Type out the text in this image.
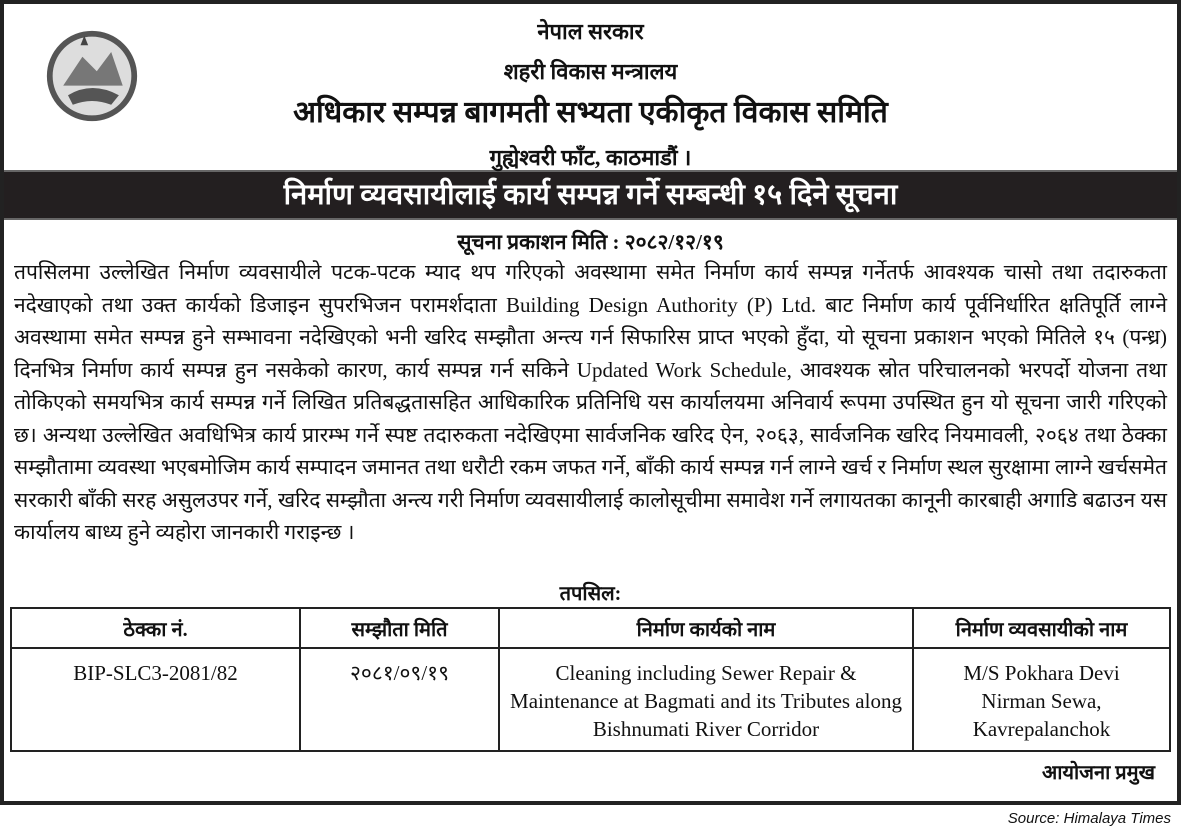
नेपाल सरकार
शहरी विकास मन्त्रालय
अधिकार सम्पन्न बागमती सभ्यता एकीकृत विकास समिति
गुह्येश्वरी फाँट, काठमाडौं ।
निर्माण व्यवसायीलाई कार्य सम्पन्न गर्ने सम्बन्धी १५ दिने सूचना
सूचना प्रकाशन मिति : २०८२/१२/१९

तपसिलमा उल्लेखित निर्माण व्यवसायीले पटक-पटक म्याद थप गरिएको अवस्थामा समेत निर्माण कार्य सम्पन्न गर्नेतर्फ आवश्यक चासो तथा तदारुकता नदेखाएको तथा उक्त कार्यको डिजाइन सुपरभिजन परामर्शदाता Building Design Authority (P) Ltd. बाट निर्माण कार्य पूर्वनिर्धारित क्षतिपूर्ति लाग्ने अवस्थामा समेत सम्पन्न हुने सम्भावना नदेखिएको भनी खरिद सम्झौता अन्त्य गर्न सिफारिस प्राप्त भएको हुँदा, यो सूचना प्रकाशन भएको मितिले १५ (पन्ध्र) दिनभित्र निर्माण कार्य सम्पन्न हुन नसकेको कारण, कार्य सम्पन्न गर्न सकिने Updated Work Schedule, आवश्यक स्रोत परिचालनको भरपर्दो योजना तथा तोकिएको समयभित्र कार्य सम्पन्न गर्ने लिखित प्रतिबद्धतासहित आधिकारिक प्रतिनिधि यस कार्यालयमा अनिवार्य रूपमा उपस्थित हुन यो सूचना जारी गरिएको छ। अन्यथा उल्लेखित अवधिभित्र कार्य प्रारम्भ गर्ने स्पष्ट तदारुकता नदेखिएमा सार्वजनिक खरिद ऐन, २०६३, सार्वजनिक खरिद नियमावली, २०६४ तथा ठेक्का सम्झौतामा व्यवस्था भएबमोजिम कार्य सम्पादन जमानत तथा धरौटी रकम जफत गर्ने, बाँकी कार्य सम्पन्न गर्न लाग्ने खर्च र निर्माण स्थल सुरक्षामा लाग्ने खर्चसमेत सरकारी बाँकी सरह असुलउपर गर्ने, खरिद सम्झौता अन्त्य गरी निर्माण व्यवसायीलाई कालोसूचीमा समावेश गर्ने लगायतका कानूनी कारबाही अगाडि बढाउन यस कार्यालय बाध्य हुने व्यहोरा जानकारी गराइन्छ ।

तपसिल:
ठेक्का नं.	सम्झौता मिति	निर्माण कार्यको नाम	निर्माण व्यवसायीको नाम
BIP-SLC3-2081/82	२०८१/०९/१९	Cleaning including Sewer Repair & Maintenance at Bagmati and its Tributes along Bishnumati River Corridor	M/S Pokhara Devi Nirman Sewa, Kavrepalanchok
आयोजना प्रमुख
Source: Himalaya Times
